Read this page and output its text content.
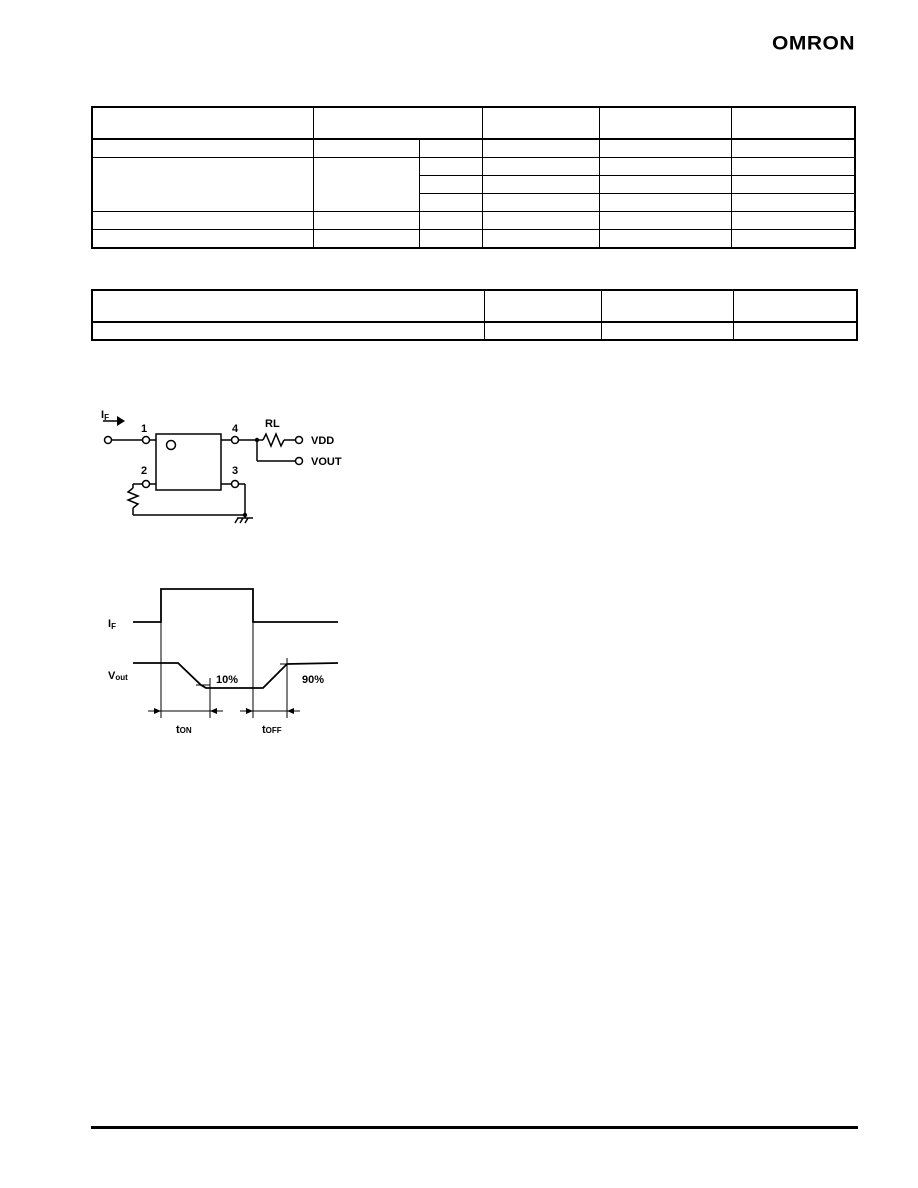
OMRON

IF
1
2	3
4 RL
VDD
VOUT
IF
Vout	10%	90%
tON	tOFF
